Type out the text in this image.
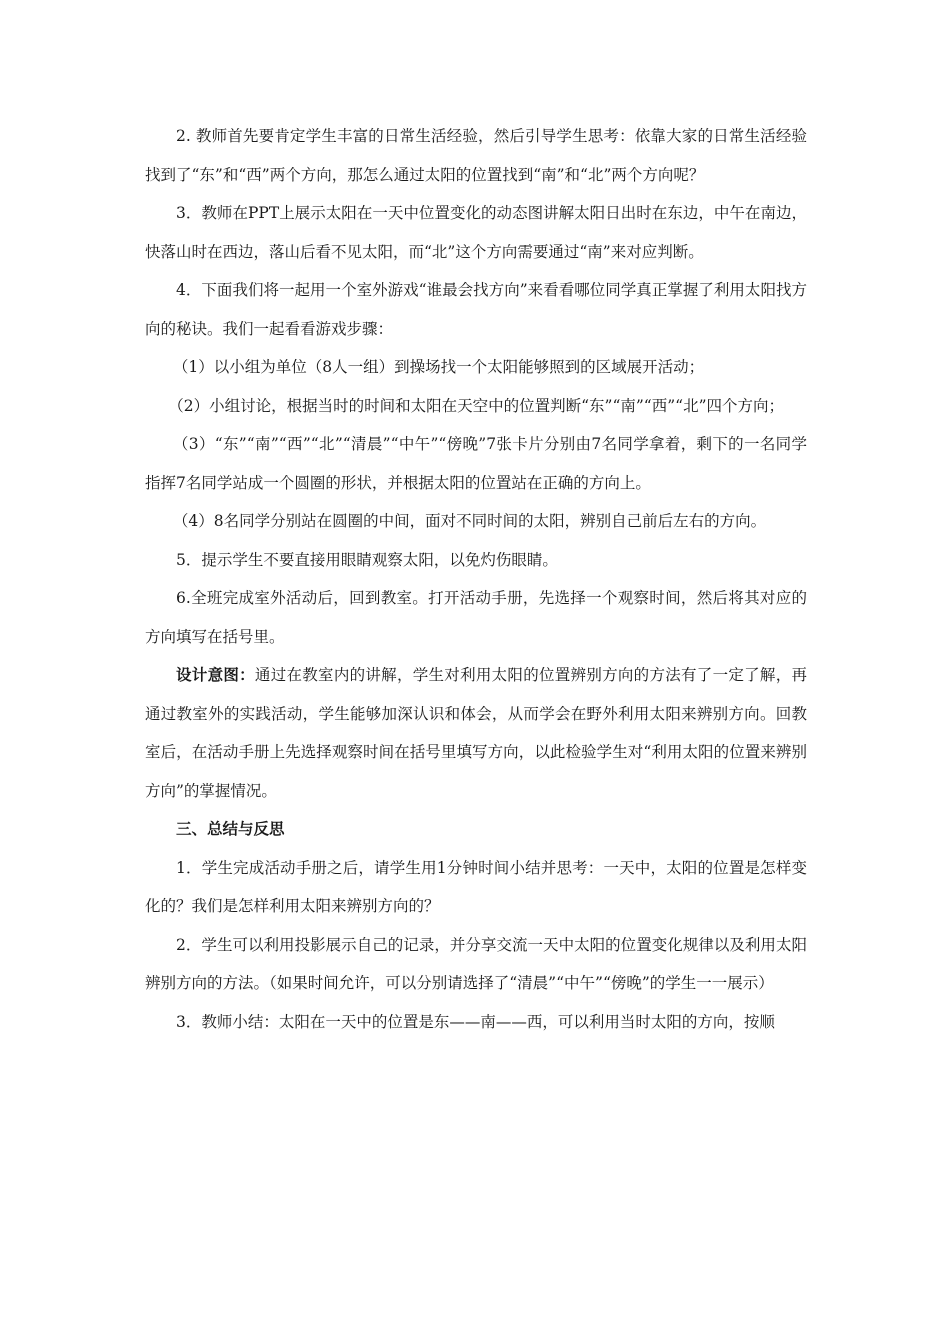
2. 教师首先要肯定学生丰富的日常生活经验，然后引导学生思考：依靠大家的日常生活经验找到了“东”和“西”两个方向，那怎么通过太阳的位置找到“南”和“北”两个方向呢？

3．教师在PPT上展示太阳在一天中位置变化的动态图讲解太阳日出时在东边，中午在南边，快落山时在西边，落山后看不见太阳，而“北”这个方向需要通过“南”来对应判断。

4．下面我们将一起用一个室外游戏“谁最会找方向”来看看哪位同学真正掌握了利用太阳找方向的秘诀。我们一起看看游戏步骤：

（1）以小组为单位（8人一组）到操场找一个太阳能够照到的区域展开活动；

（2）小组讨论，根据当时的时间和太阳在天空中的位置判断“东”“南”“西”“北”四个方向；

（3）“东”“南”“西”“北”“清晨”“中午”“傍晚”7张卡片分别由7名同学拿着，剩下的一名同学指挥7名同学站成一个圆圈的形状，并根据太阳的位置站在正确的方向上。

（4）8名同学分别站在圆圈的中间，面对不同时间的太阳，辨别自己前后左右的方向。

5．提示学生不要直接用眼睛观察太阳，以免灼伤眼睛。

6.全班完成室外活动后，回到教室。打开活动手册，先选择一个观察时间，然后将其对应的方向填写在括号里。

设计意图：通过在教室内的讲解，学生对利用太阳的位置辨别方向的方法有了一定了解，再通过教室外的实践活动，学生能够加深认识和体会，从而学会在野外利用太阳来辨别方向。回教室后，在活动手册上先选择观察时间在括号里填写方向，以此检验学生对“利用太阳的位置来辨别方向”的掌握情况。

三、总结与反思

1．学生完成活动手册之后，请学生用1分钟时间小结并思考：一天中，太阳的位置是怎样变化的？我们是怎样利用太阳来辨别方向的？

2．学生可以利用投影展示自己的记录，并分享交流一天中太阳的位置变化规律以及利用太阳辨别方向的方法。（如果时间允许，可以分别请选择了“清晨”“中午”“傍晚”的学生一一展示）

3．教师小结：太阳在一天中的位置是东——南——西，可以利用当时太阳的方向，按顺
